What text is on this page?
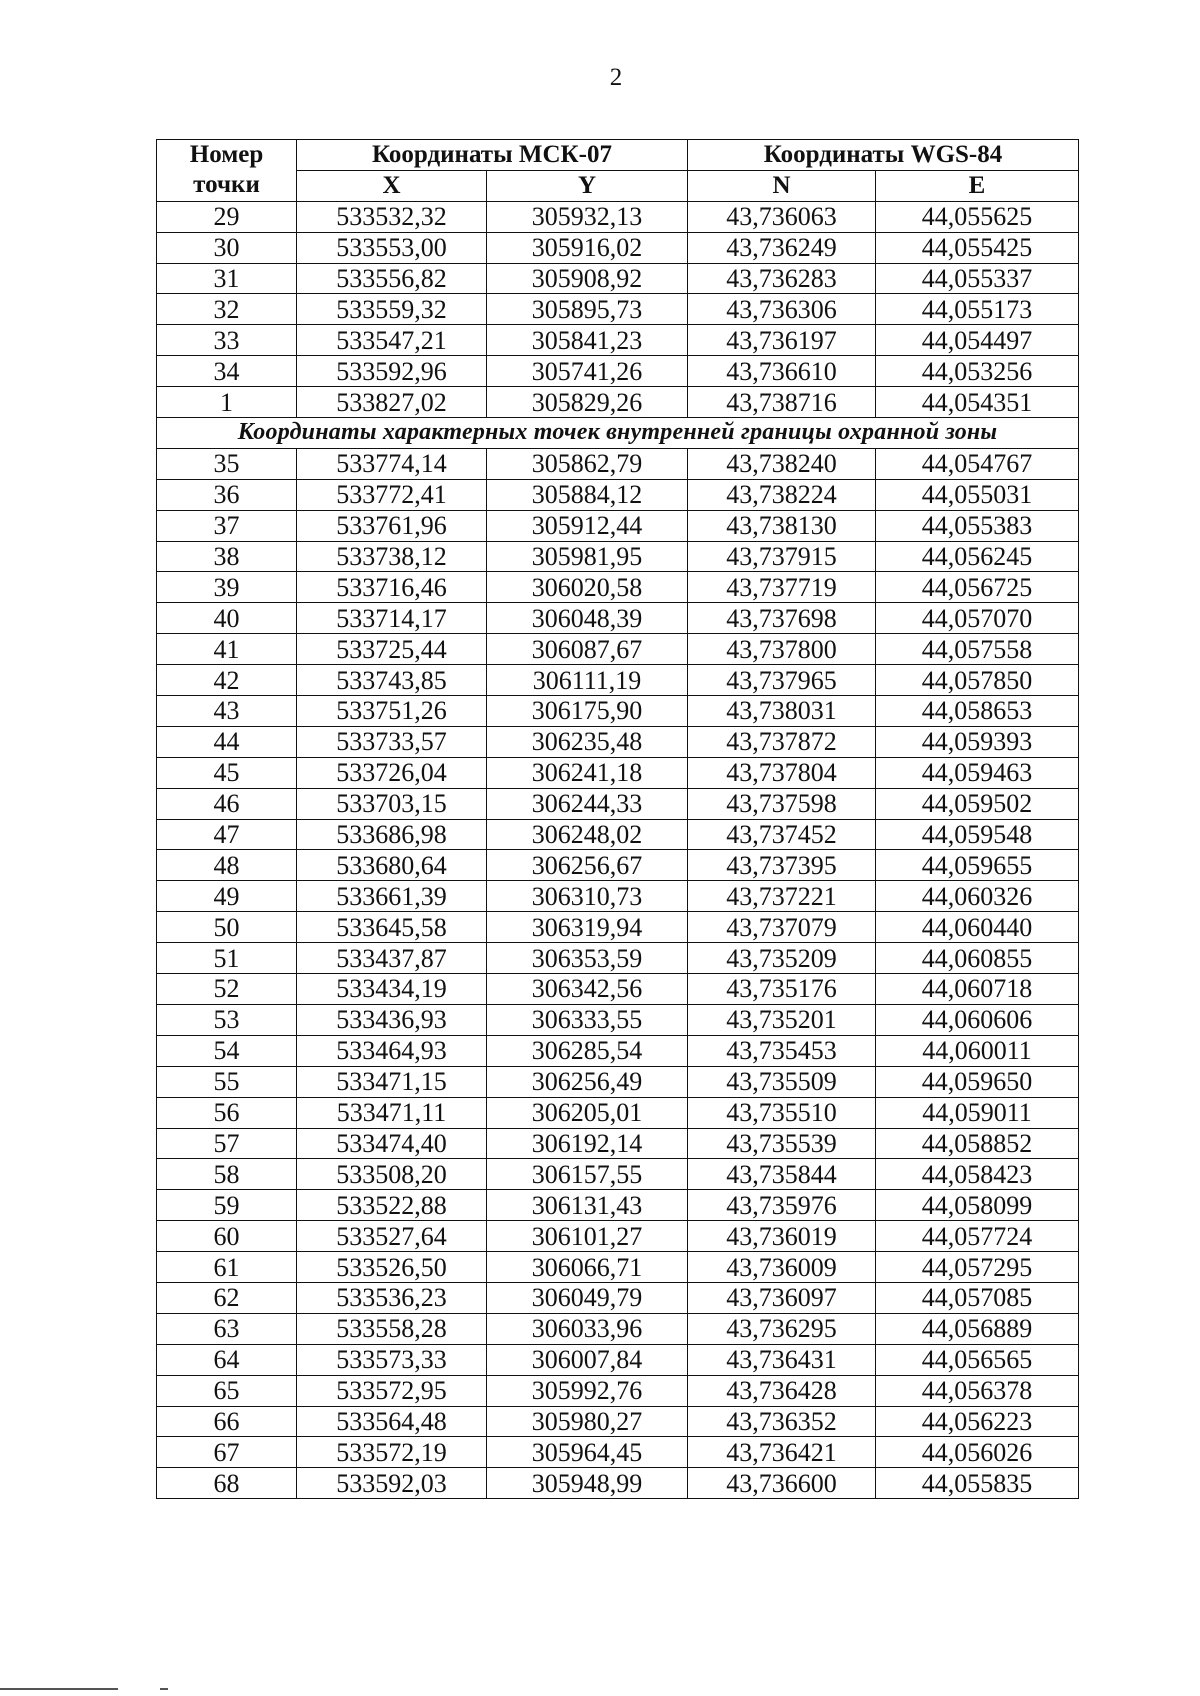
2
Номер точки	Координаты МСК-07		Координаты WGS-84	
	X	Y	N	E
29	533532,32	305932,13	43,736063	44,055625
30	533553,00	305916,02	43,736249	44,055425
31	533556,82	305908,92	43,736283	44,055337
32	533559,32	305895,73	43,736306	44,055173
33	533547,21	305841,23	43,736197	44,054497
34	533592,96	305741,26	43,736610	44,053256
1	533827,02	305829,26	43,738716	44,054351
Координаты характерных точек внутренней границы охранной зоны				
35	533774,14	305862,79	43,738240	44,054767
36	533772,41	305884,12	43,738224	44,055031
37	533761,96	305912,44	43,738130	44,055383
38	533738,12	305981,95	43,737915	44,056245
39	533716,46	306020,58	43,737719	44,056725
40	533714,17	306048,39	43,737698	44,057070
41	533725,44	306087,67	43,737800	44,057558
42	533743,85	306111,19	43,737965	44,057850
43	533751,26	306175,90	43,738031	44,058653
44	533733,57	306235,48	43,737872	44,059393
45	533726,04	306241,18	43,737804	44,059463
46	533703,15	306244,33	43,737598	44,059502
47	533686,98	306248,02	43,737452	44,059548
48	533680,64	306256,67	43,737395	44,059655
49	533661,39	306310,73	43,737221	44,060326
50	533645,58	306319,94	43,737079	44,060440
51	533437,87	306353,59	43,735209	44,060855
52	533434,19	306342,56	43,735176	44,060718
53	533436,93	306333,55	43,735201	44,060606
54	533464,93	306285,54	43,735453	44,060011
55	533471,15	306256,49	43,735509	44,059650
56	533471,11	306205,01	43,735510	44,059011
57	533474,40	306192,14	43,735539	44,058852
58	533508,20	306157,55	43,735844	44,058423
59	533522,88	306131,43	43,735976	44,058099
60	533527,64	306101,27	43,736019	44,057724
61	533526,50	306066,71	43,736009	44,057295
62	533536,23	306049,79	43,736097	44,057085
63	533558,28	306033,96	43,736295	44,056889
64	533573,33	306007,84	43,736431	44,056565
65	533572,95	305992,76	43,736428	44,056378
66	533564,48	305980,27	43,736352	44,056223
67	533572,19	305964,45	43,736421	44,056026
68	533592,03	305948,99	43,736600	44,055835
